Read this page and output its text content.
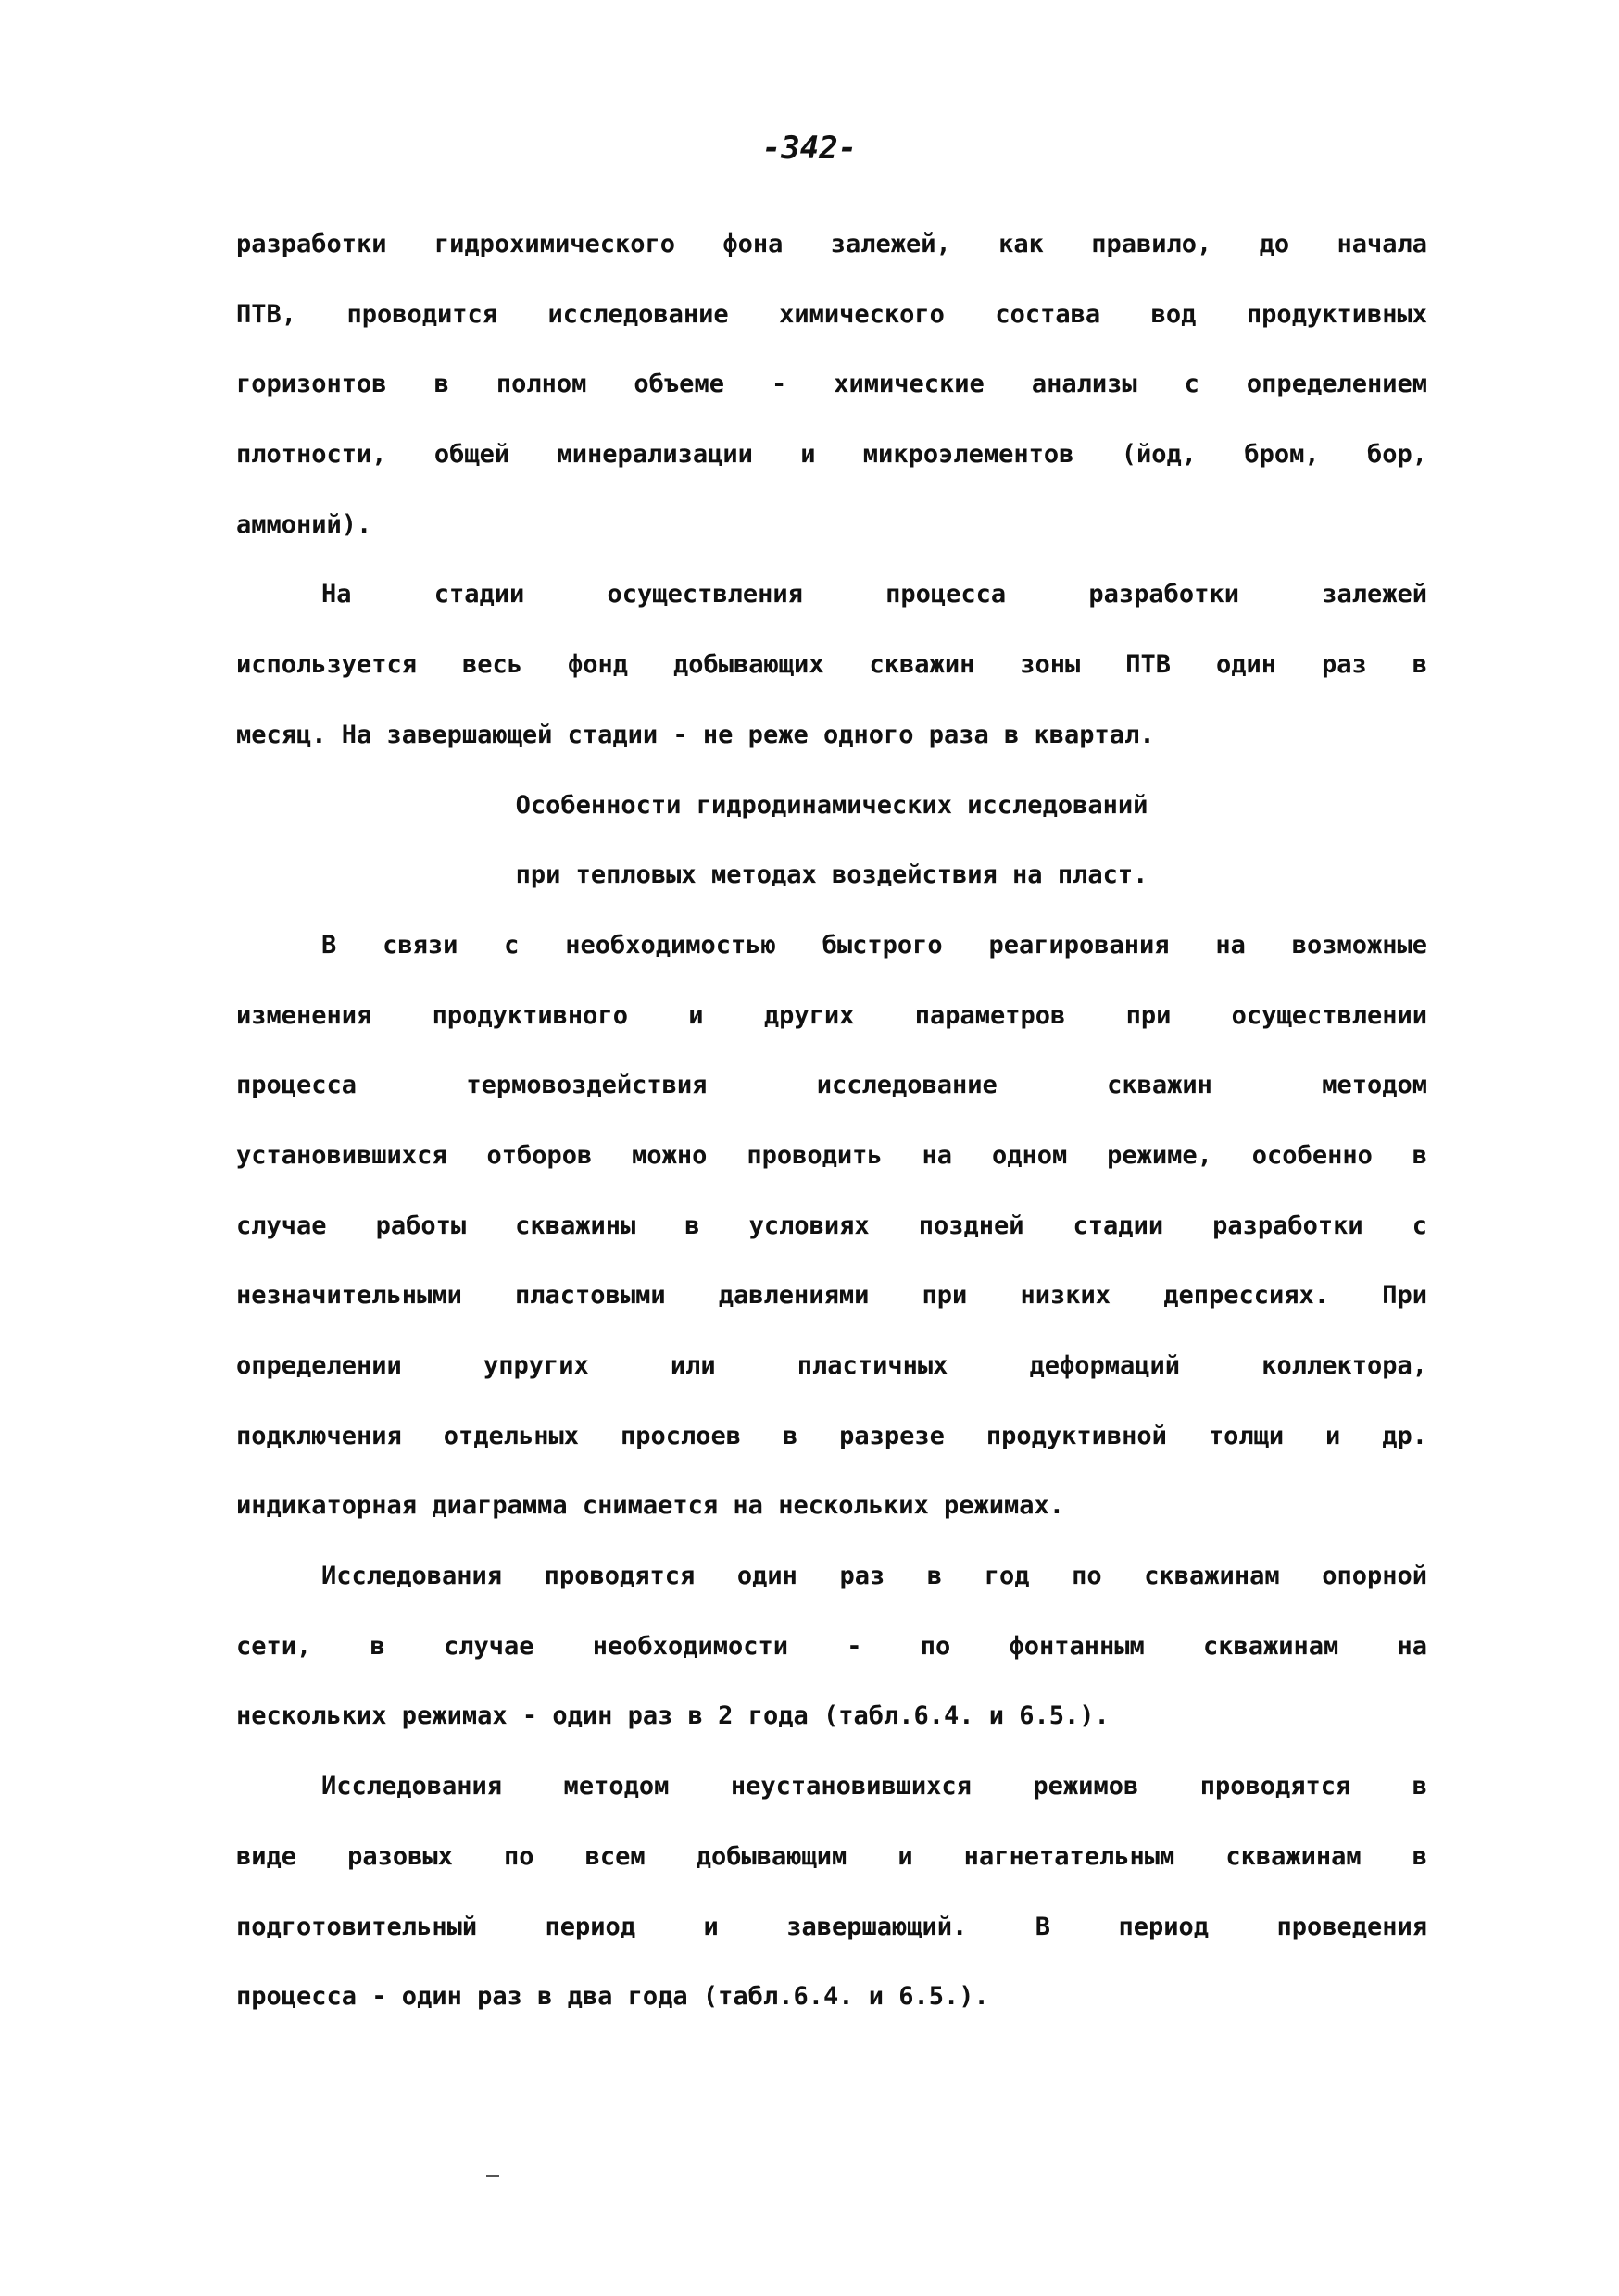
-342-
разработки гидрохимического фона залежей, как правило, до начала
ПТВ, проводится исследование химического состава вод продуктивных
горизонтов в полном объеме - химические анализы с определением
плотности, общей минерализации и микроэлементов (йод, бром, бор,
аммоний).
На стадии осуществления процесса разработки залежей
используется весь фонд добывающих скважин зоны ПТВ один раз в
месяц. На завершающей стадии - не реже одного раза в квартал.
Особенности гидродинамических исследований
при тепловых методах воздействия на пласт.
В связи с необходимостью быстрого реагирования на возможные
изменения продуктивного и других параметров при осуществлении
процесса термовоздействия исследование скважин методом
установившихся отборов можно проводить на одном режиме, особенно в
случае работы скважины в условиях поздней стадии разработки с
незначительными пластовыми давлениями при низких депрессиях. При
определении упругих или пластичных деформаций коллектора,
подключения отдельных прослоев в разрезе продуктивной толщи и др.
индикаторная диаграмма снимается на нескольких режимах.
Исследования проводятся один раз в год по скважинам опорной
сети, в случае необходимости - по фонтанным скважинам на
нескольких режимах - один раз в 2 года (табл.6.4. и 6.5.).
Исследования методом неустановившихся режимов проводятся в
виде разовых по всем добывающим и нагнетательным скважинам в
подготовительный период и завершающий. В период проведения
процесса - один раз в два года (табл.6.4. и 6.5.).
